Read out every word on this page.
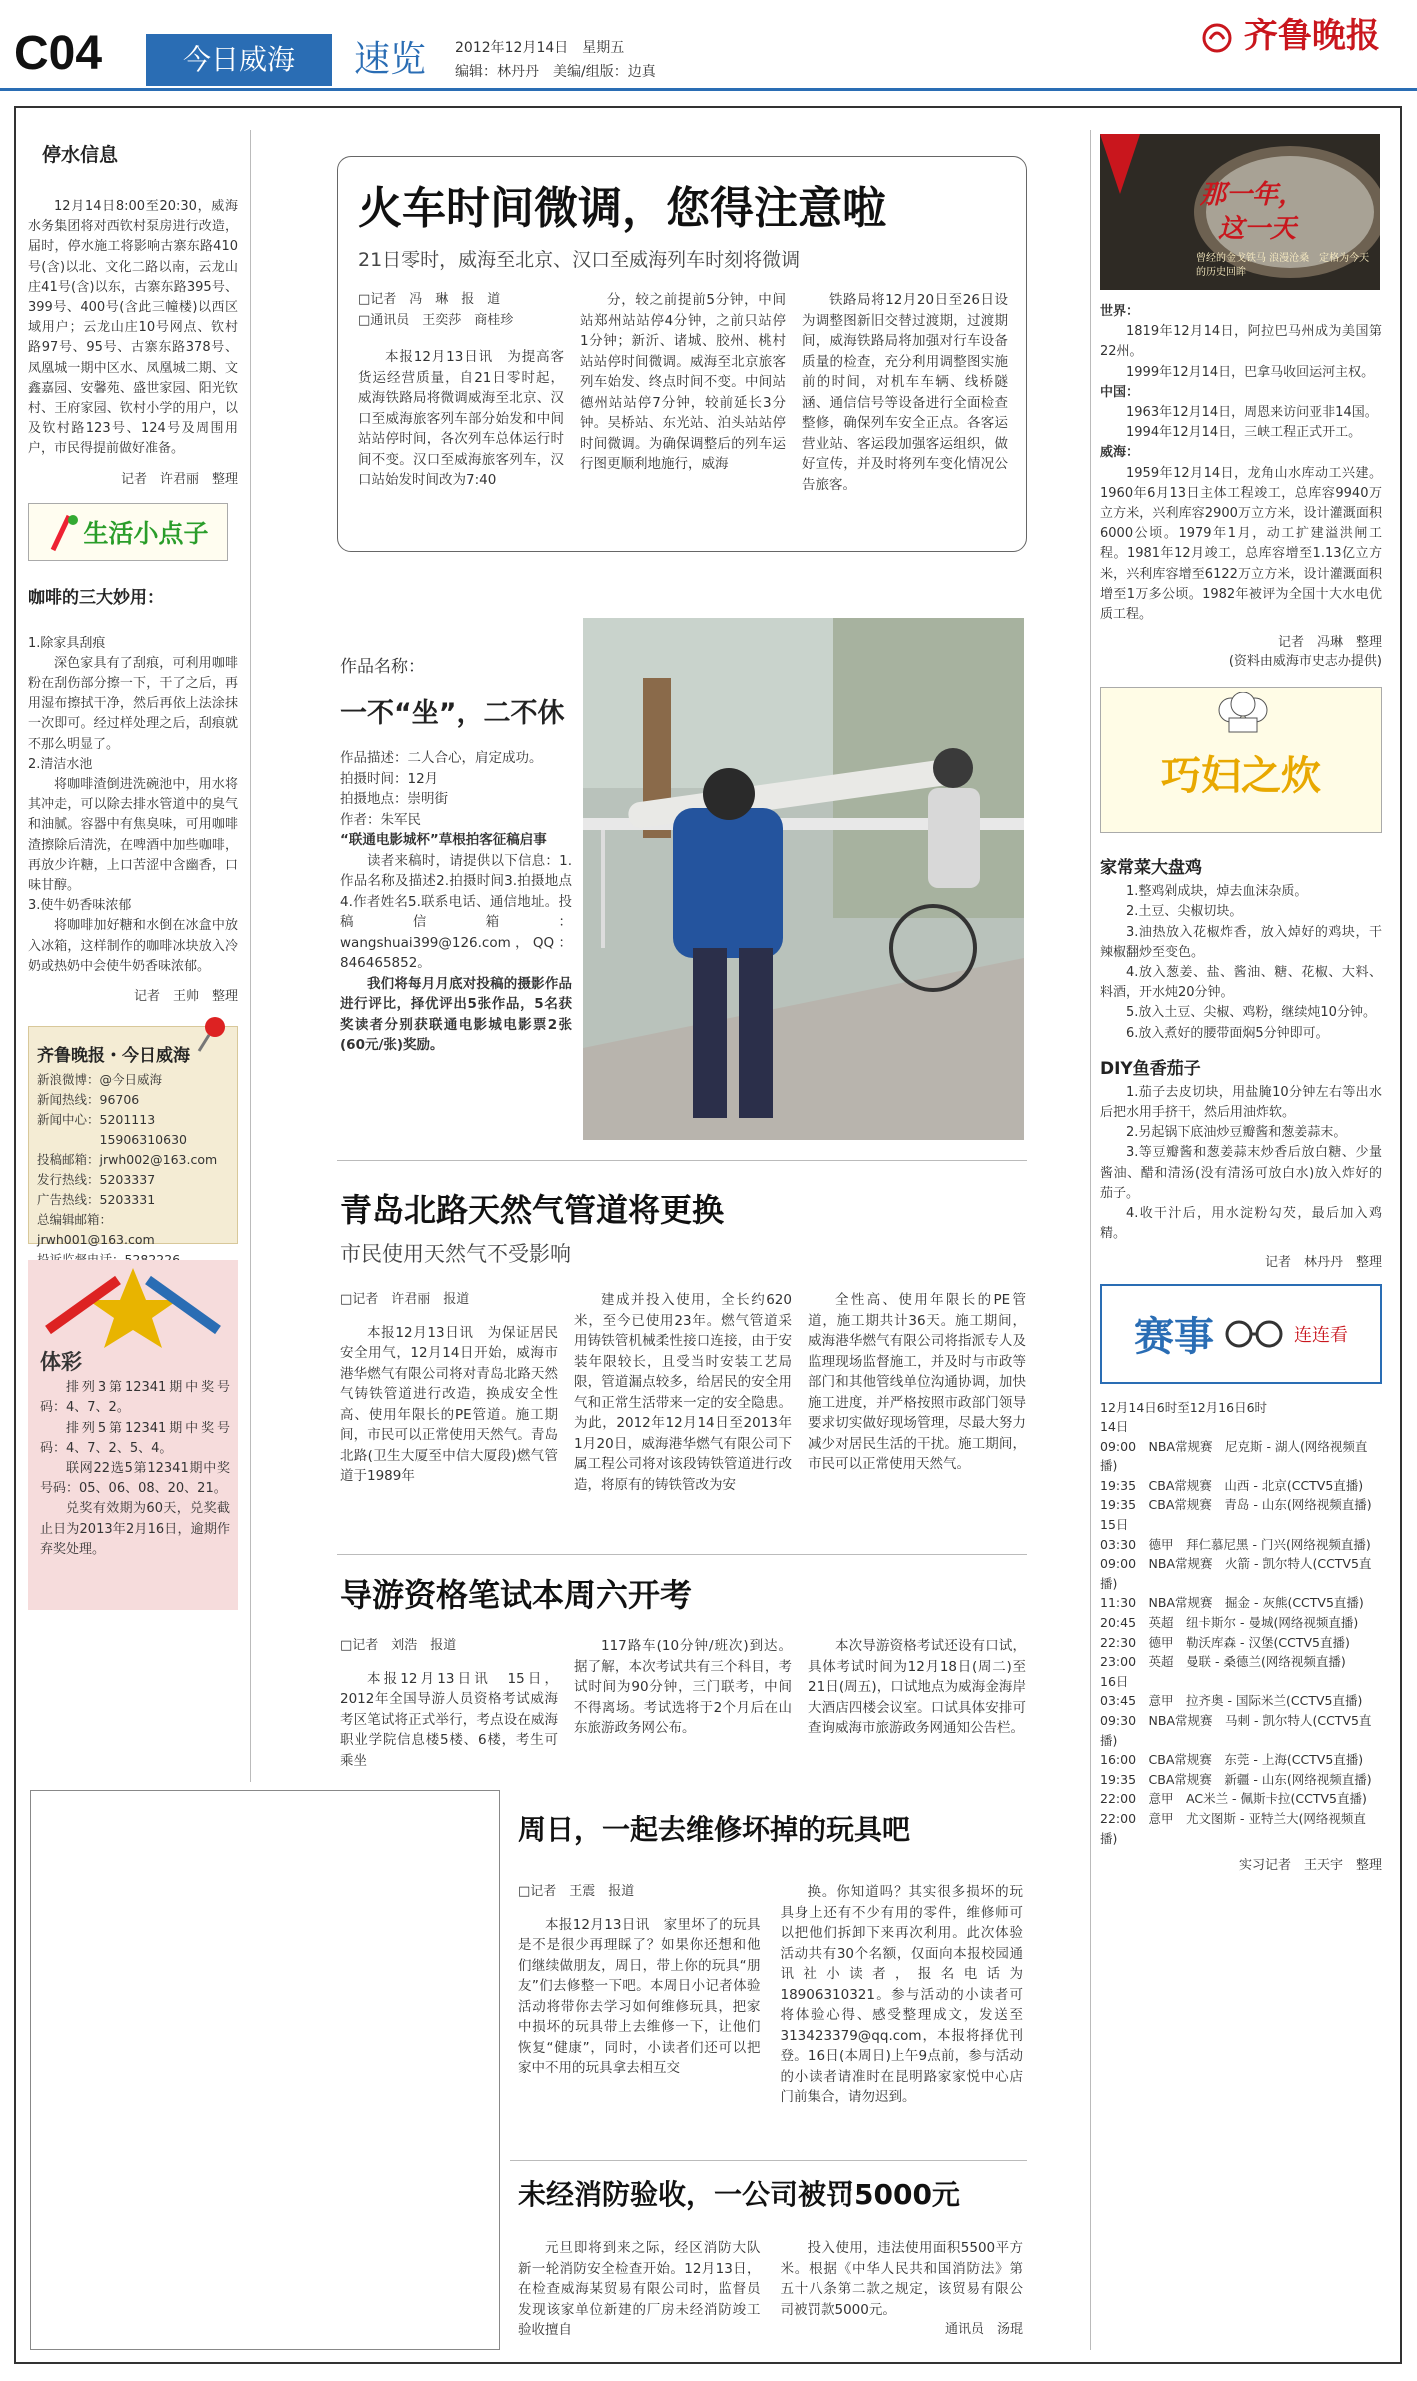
C04	今日威海	速览	2012年12月14日　星期五
编辑：林丹丹　美编/组版：边真
齐鲁晚报
停水信息

12月14日8:00至20:30，威海水务集团将对西钦村泵房进行改造，届时，停水施工将影响古寨东路410号(含)以北、文化二路以南，云龙山庄41号(含)以东，古寨东路395号、399号、400号(含此三幢楼)以西区域用户；云龙山庄10号网点、钦村路97号、95号、古寨东路378号、凤凰城一期中区水、凤凰城二期、文鑫嘉园、安馨苑、盛世家园、阳光钦村、王府家园、钦村小学的用户，以及钦村路123号、124号及周围用户，市民得提前做好准备。

记者　许君丽　整理
生活小点子
咖啡的三大妙用：
1.除家具刮痕

深色家具有了刮痕，可利用咖啡粉在刮伤部分擦一下，干了之后，再用湿布擦拭干净，然后再依上法涂抹一次即可。经过样处理之后，刮痕就不那么明显了。

2.清洁水池

将咖啡渣倒进洗碗池中，用水将其冲走，可以除去排水管道中的臭气和油腻。容器中有焦臭味，可用咖啡渣擦除后清洗，在啤酒中加些咖啡，再放少许糖，上口苦涩中含幽香，口味甘醇。

3.使牛奶香味浓郁

将咖啡加好糖和水倒在冰盒中放入冰箱，这样制作的咖啡冰块放入冷奶或热奶中会使牛奶香味浓郁。

记者　王帅　整理
齐鲁晚报・今日威海
新浪微博：@今日威海
新闻热线：96706
新闻中心：5201113
　　　　　15906310630
投稿邮箱：jrwh002@163.com
发行热线：5203337
广告热线：5203331
总编辑邮箱：jrwh001@163.com
体彩

排列3第12341期中奖号码：4、7、2。

排列5第12341期中奖号码：4、7、2、5、4。

联网22选5第12341期中奖号码：05、06、08、20、21。

兑奖有效期为60天，兑奖截止日为2013年2月16日，逾期作弃奖处理。

火车时间微调，您得注意啦
21日零时，威海至北京、汉口至威海列车时刻将微调
□记者　冯　琳　报　道
□通讯员　王奕莎　商桂珍

本报12月13日讯　为提高客货运经营质量，自21日零时起，威海铁路局将微调威海至北京、汉口至威海旅客列车部分始发和中间站站停时间，各次列车总体运行时间不变。汉口至威海旅客列车，汉口站始发时间改为7:40

分，较之前提前5分钟，中间站郑州站站停4分钟，之前只站停1分钟；新沂、诸城、胶州、桃村站站停时间微调。威海至北京旅客列车始发、终点时间不变。中间站德州站站停7分钟，较前延长3分钟。吴桥站、东光站、泊头站站停时间微调。为确保调整后的列车运行图更顺利地施行，威海

铁路局将12月20日至26日设为调整图新旧交替过渡期，过渡期间，威海铁路局将加强对行车设备质量的检查，充分利用调整图实施前的时间，对机车车辆、线桥隧涵、通信信号等设备进行全面检查整修，确保列车安全正点。各客运营业站、客运段加强客运组织，做好宣传，并及时将列车变化情况公告旅客。

作品名称：
一不“坐”，二不休
作品描述：二人合心，肩定成功。
拍摄时间：12月
拍摄地点：崇明街
作者：朱军民
“联通电影城杯”草根拍客征稿启事

读者来稿时，请提供以下信息：1.作品名称及描述2.拍摄时间3.拍摄地点4.作者姓名5.联系电话、通信地址。投稿信箱：wangshuai399@126.com，QQ：846465852。

我们将每月月底对投稿的摄影作品进行评比，择优评出5张作品，5名获奖读者分别获联通电影城电影票2张(60元/张)奖励。

青岛北路天然气管道将更换
市民使用天然气不受影响
□记者　许君丽　报道

本报12月13日讯　为保证居民安全用气，12月14日开始，威海市港华燃气有限公司将对青岛北路天然气铸铁管道进行改造，换成安全性高、使用年限长的PE管道。施工期间，市民可以正常使用天然气。青岛北路(卫生大厦至中信大厦段)燃气管道于1989年

建成并投入使用，全长约620米，至今已使用23年。燃气管道采用铸铁管机械柔性接口连接，由于安装年限较长，且受当时安装工艺局限，管道漏点较多，给居民的安全用气和正常生活带来一定的安全隐患。为此，2012年12月14日至2013年1月20日，威海港华燃气有限公司下属工程公司将对该段铸铁管道进行改造，将原有的铸铁管改为安

全性高、使用年限长的PE管道，施工期共计36天。施工期间，威海港华燃气有限公司将指派专人及监理现场监督施工，并及时与市政等部门和其他管线单位沟通协调，加快施工进度，并严格按照市政部门领导要求切实做好现场管理，尽最大努力减少对居民生活的干扰。施工期间，市民可以正常使用天然气。

导游资格笔试本周六开考
□记者　刘浩　报道

本报12月13日讯　15日，2012年全国导游人员资格考试威海考区笔试将正式举行，考点设在威海职业学院信息楼5楼、6楼，考生可乘坐

117路车(10分钟/班次)到达。据了解，本次考试共有三个科目，考试时间为90分钟，三门联考，中间不得离场。考试选将于2个月后在山东旅游政务网公布。

本次导游资格考试还设有口试，具体考试时间为12月18日(周二)至21日(周五)，口试地点为威海金海岸大酒店四楼会议室。口试具体安排可查询威海市旅游政务网通知公告栏。

周日，一起去维修坏掉的玩具吧
□记者　王震　报道

本报12月13日讯　家里坏了的玩具是不是很少再理睬了？如果你还想和他们继续做朋友，周日，带上你的玩具“朋友”们去修整一下吧。本周日小记者体验活动将带你去学习如何维修玩具，把家中损坏的玩具带上去维修一下，让他们恢复“健康”，同时，小读者们还可以把家中不用的玩具拿去相互交

换。你知道吗？其实很多损坏的玩具身上还有不少有用的零件，维修师可以把他们拆卸下来再次利用。此次体验活动共有30个名额，仅面向本报校园通讯社小读者，报名电话为18906310321。参与活动的小读者可将体验心得、感受整理成文，发送至313423379@qq.com，本报将择优刊登。16日(本周日)上午9点前，参与活动的小读者请准时在昆明路家家悦中心店门前集合，请勿迟到。

未经消防验收，一公司被罚5000元

元旦即将到来之际，经区消防大队新一轮消防安全检查开始。12月13日，在检查威海某贸易有限公司时，监督员发现该家单位新建的厂房未经消防竣工验收擅自

投入使用，违法使用面积5500平方米。根据《中华人民共和国消防法》第五十八条第二款之规定，该贸易有限公司被罚款5000元。

通讯员　汤琨
那一年，
这一天
曾经的金戈铁马 浪漫沧桑　定格为今天的历史回眸
世界：

1819年12月14日，阿拉巴马州成为美国第22州。

1999年12月14日，巴拿马收回运河主权。

中国：

1963年12月14日，周恩来访问亚非14国。

1994年12月14日，三峡工程正式开工。

威海：

1959年12月14日，龙角山水库动工兴建。1960年6月13日主体工程竣工，总库容9940万立方米，兴利库容2900万立方米，设计灌溉面积6000公顷。1979年1月，动工扩建溢洪闸工程。1981年12月竣工，总库容增至1.13亿立方米，兴利库容增至6122万立方米，设计灌溉面积增至1万多公顷。1982年被评为全国十大水电优质工程。

记者　冯琳　整理
(资料由威海市史志办提供)
巧妇之炊
家常菜大盘鸡

1.整鸡剁成块，焯去血沫杂质。

2.土豆、尖椒切块。

3.油热放入花椒炸香，放入焯好的鸡块，干辣椒翻炒至变色。

4.放入葱姜、盐、酱油、糖、花椒、大料、料酒，开水炖20分钟。

5.放入土豆、尖椒、鸡粉，继续炖10分钟。

6.放入煮好的腰带面焖5分钟即可。

DIY鱼香茄子

1.茄子去皮切块，用盐腌10分钟左右等出水后把水用手挤干，然后用油炸软。

2.另起锅下底油炒豆瓣酱和葱姜蒜末。

3.等豆瓣酱和葱姜蒜末炒香后放白糖、少量酱油、醋和清汤(没有清汤可放白水)放入炸好的茄子。

4.收干汁后，用水淀粉勾芡，最后加入鸡精。

记者　林丹丹　整理
赛事	连连看
12月14日6时至12月16日6时
14日
09:00　NBA常规赛　尼克斯 - 湖人(网络视频直播)
19:35　CBA常规赛　山西 - 北京(CCTV5直播)
19:35　CBA常规赛　青岛 - 山东(网络视频直播)
15日
03:30　德甲　拜仁慕尼黑 - 门兴(网络视频直播)
09:00　NBA常规赛　火箭 - 凯尔特人(CCTV5直播)
11:30　NBA常规赛　掘金 - 灰熊(CCTV5直播)
20:45　英超　纽卡斯尔 - 曼城(网络视频直播)
22:30　德甲　勒沃库森 - 汉堡(CCTV5直播)
23:00　英超　曼联 - 桑德兰(网络视频直播)
16日
03:45　意甲　拉齐奥 - 国际米兰(CCTV5直播)
09:30　NBA常规赛　马刺 - 凯尔特人(CCTV5直播)
16:00　CBA常规赛　东莞 - 上海(CCTV5直播)
19:35　CBA常规赛　新疆 - 山东(网络视频直播)
22:00　意甲　AC米兰 - 佩斯卡拉(CCTV5直播)
22:00　意甲　尤文图斯 - 亚特兰大(网络视频直播)
实习记者　王天宇　整理
